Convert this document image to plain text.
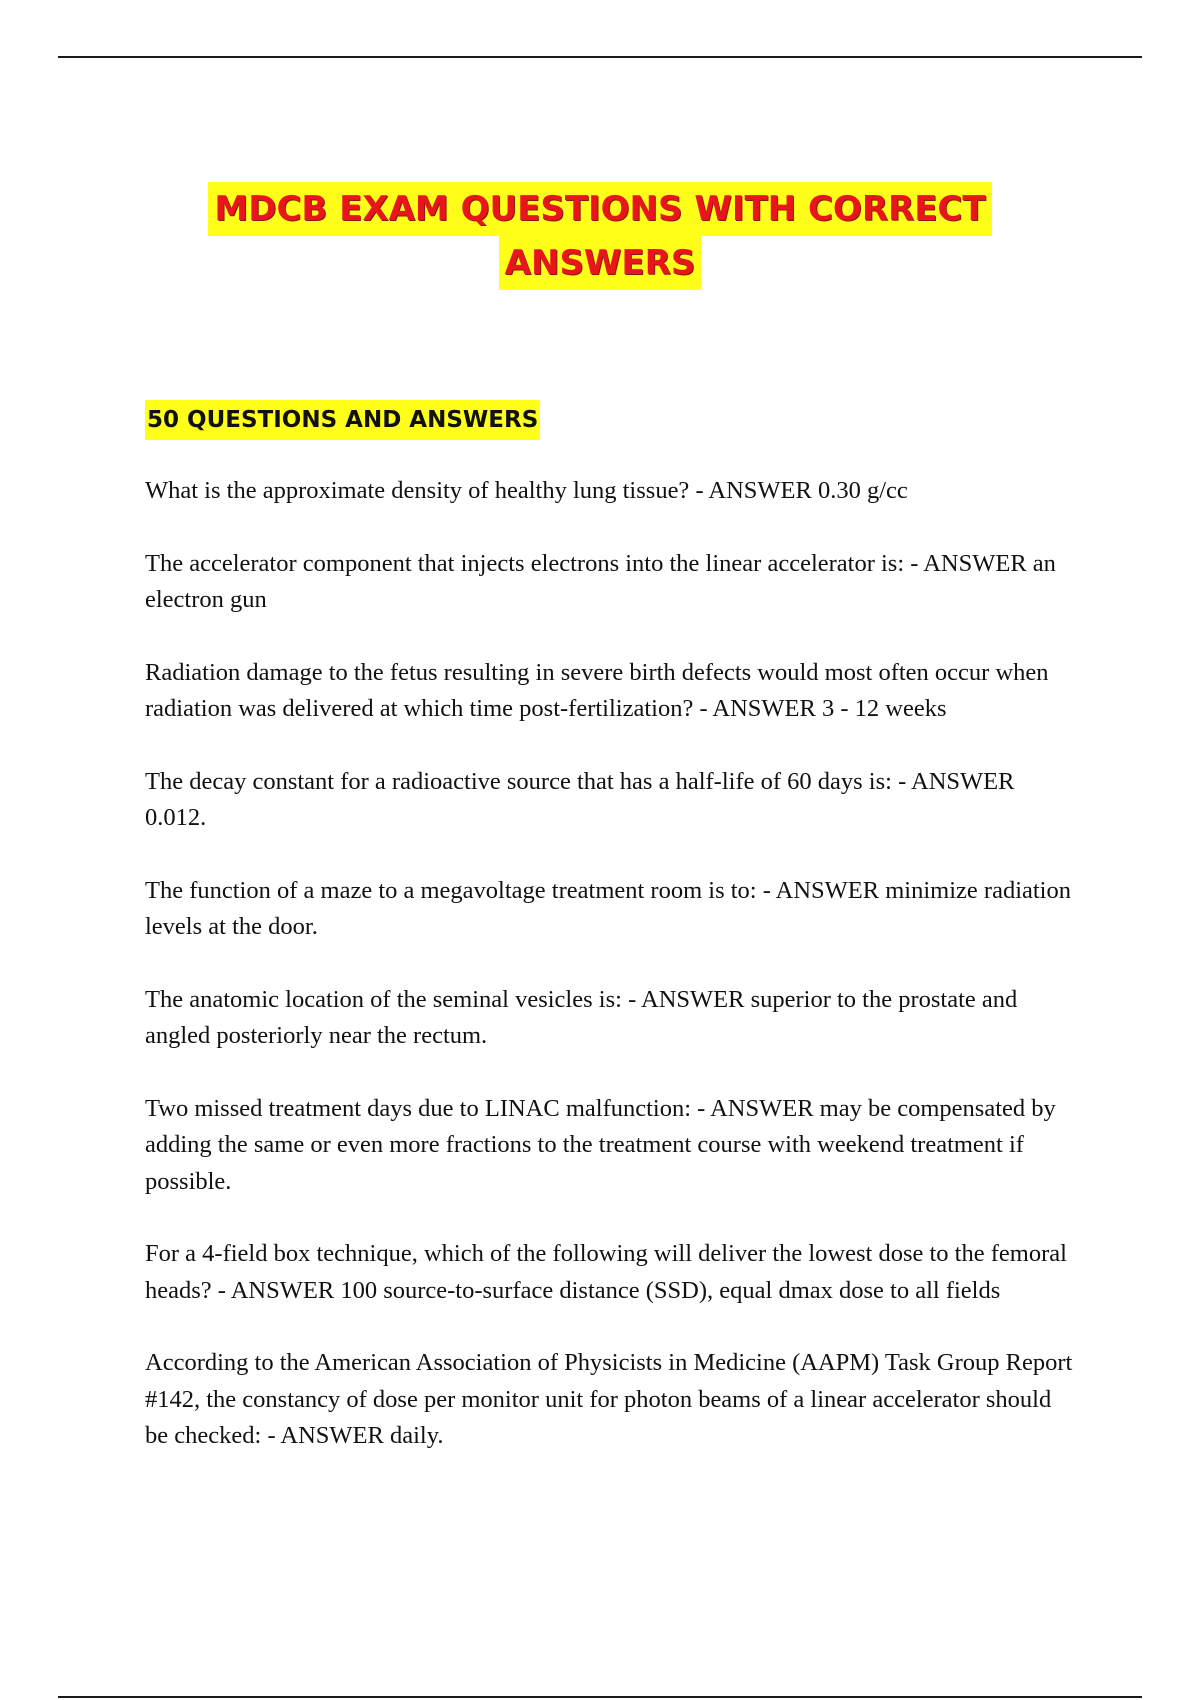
MDCB EXAM QUESTIONS WITH CORRECT
ANSWERS
50 QUESTIONS AND ANSWERS

What is the approximate density of healthy lung tissue? - ANSWER 0.30 g/cc

The accelerator component that injects electrons into the linear accelerator is: - ANSWER an electron gun

Radiation damage to the fetus resulting in severe birth defects would most often occur when radiation was delivered at which time post-fertilization? - ANSWER 3 - 12 weeks

The decay constant for a radioactive source that has a half-life of 60 days is: - ANSWER 0.012.

The function of a maze to a megavoltage treatment room is to: - ANSWER minimize radiation levels at the door.

The anatomic location of the seminal vesicles is: - ANSWER superior to the prostate and angled posteriorly near the rectum.

Two missed treatment days due to LINAC malfunction: - ANSWER may be compensated by adding the same or even more fractions to the treatment course with weekend treatment if possible.

For a 4-field box technique, which of the following will deliver the lowest dose to the femoral heads? - ANSWER 100 source-to-surface distance (SSD), equal dmax dose to all fields

According to the American Association of Physicists in Medicine (AAPM) Task Group Report #142, the constancy of dose per monitor unit for photon beams of a linear accelerator should be checked: - ANSWER daily.
